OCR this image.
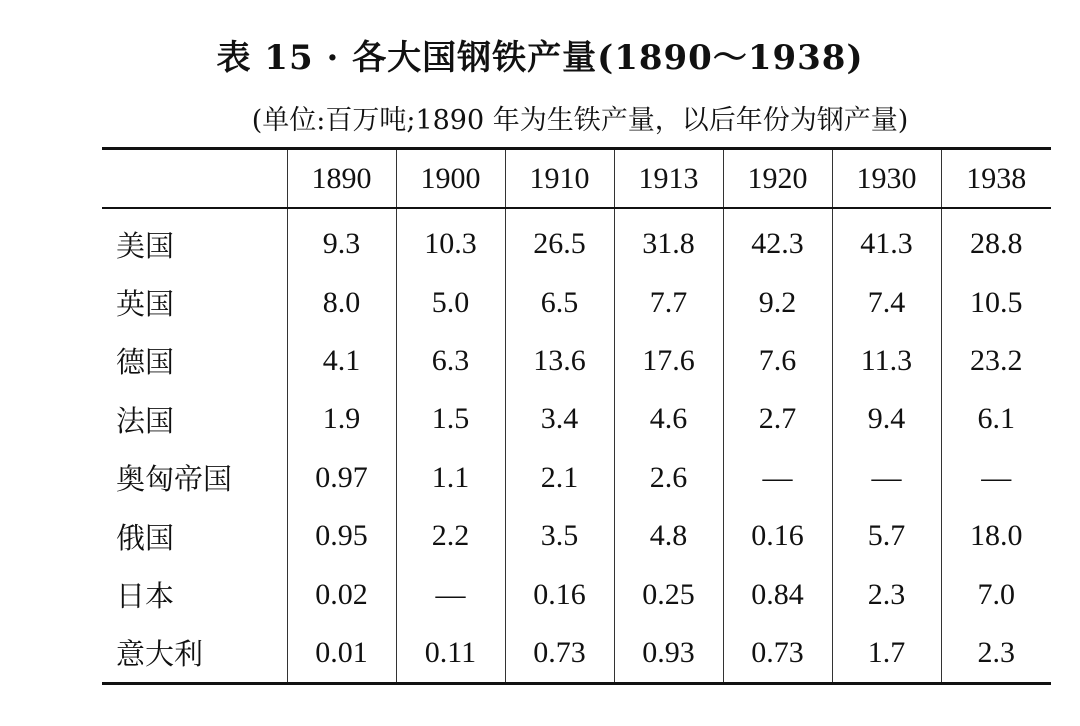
表 15 · 各大国钢铁产量(1890～1938)
(单位:百万吨;1890 年为生铁产量，以后年份为钢产量)
	1890	1900	1910	1913	1920	1930	1938
美国	9.3	10.3	26.5	31.8	42.3	41.3	28.8
英国	8.0	5.0	6.5	7.7	9.2	7.4	10.5
德国	4.1	6.3	13.6	17.6	7.6	11.3	23.2
法国	1.9	1.5	3.4	4.6	2.7	9.4	6.1
奥匈帝国	0.97	1.1	2.1	2.6	—	—	—
俄国	0.95	2.2	3.5	4.8	0.16	5.7	18.0
日本	0.02	—	0.16	0.25	0.84	2.3	7.0
意大利	0.01	0.11	0.73	0.93	0.73	1.7	2.3
